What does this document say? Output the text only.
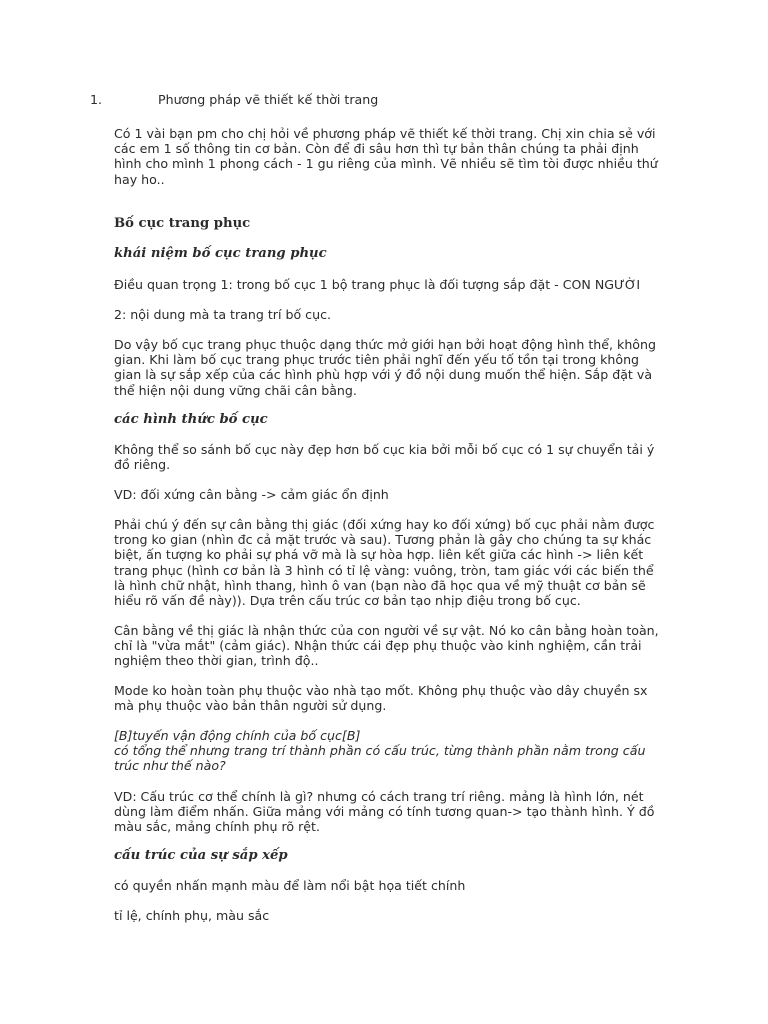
1.	Phương pháp vẽ thiết kế thời trang

Có 1 vài bạn pm cho chị hỏi về phương pháp vẽ thiết kế thời trang. Chị xin chia sẻ với các em 1 số thông tin cơ bản. Còn để đi sâu hơn thì tự bản thân chúng ta phải định hình cho mình 1 phong cách - 1 gu riêng của mình. Vẽ nhiều sẽ tìm tòi được nhiều thứ hay ho..

Bố cục trang phục

khái niệm bố cục trang phục

Điều quan trọng 1: trong bố cục 1 bộ trang phục là đối tượng sắp đặt - CON NGƯỜI

2: nội dung mà ta trang trí bố cục.

Do vậy bố cục trang phục thuộc dạng thức mở giới hạn bởi hoạt động hình thể, không gian. Khi làm bố cục trang phục trước tiên phải nghĩ đến yếu tố tồn tại trong không gian là sự sắp xếp của các hình phù hợp với ý đồ nội dung muốn thể hiện. Sắp đặt và thể hiện nội dung vững chãi cân bằng.

các hình thức bố cục

Không thể so sánh bố cục này đẹp hơn bố cục kia bởi mỗi bố cục có 1 sự chuyển tải ý đồ riêng.

VD: đối xứng cân bằng -> cảm giác ổn định

Phải chú ý đến sự cân bằng thị giác (đối xứng hay ko đối xứng) bố cục phải nằm được trong ko gian (nhìn đc cả mặt trước và sau). Tương phản là gây cho chúng ta sự khác biệt, ấn tượng ko phải sự phá vỡ mà là sự hòa hợp. liên kết giữa các hình -> liên kết trang phục (hình cơ bản là 3 hình có tỉ lệ vàng: vuông, tròn, tam giác với các biến thể là hình chữ nhật, hình thang, hình ô van (bạn nào đã học qua về mỹ thuật cơ bản sẽ hiểu rõ vấn đề này)). Dựa trên cấu trúc cơ bản tạo nhịp điệu trong bố cục.

Cân bằng về thị giác là nhận thức của con người về sự vật. Nó ko cân bằng hoàn toàn, chỉ là "vừa mắt" (cảm giác). Nhận thức cái đẹp phụ thuộc vào kinh nghiệm, cần trải nghiệm theo thời gian, trình độ..

Mode ko hoàn toàn phụ thuộc vào nhà tạo mốt. Không phụ thuộc vào dây chuyền sx mà phụ thuộc vào bản thân người sử dụng.

[B]tuyến vận động chính của bố cục[B]
có tổng thể nhưng trang trí thành phần có cấu trúc, từng thành phần nằm trong cấu trúc như thế nào?

VD: Cấu trúc cơ thể chính là gì? nhưng có cách trang trí riêng. mảng là hình lớn, nét dùng làm điểm nhấn. Giữa mảng với mảng có tính tương quan-> tạo thành hình. Ý đồ màu sắc, mảng chính phụ rõ rệt.

cấu trúc của sự sắp xếp

có quyền nhấn mạnh màu để làm nổi bật họa tiết chính

tỉ lệ, chính phụ, màu sắc
